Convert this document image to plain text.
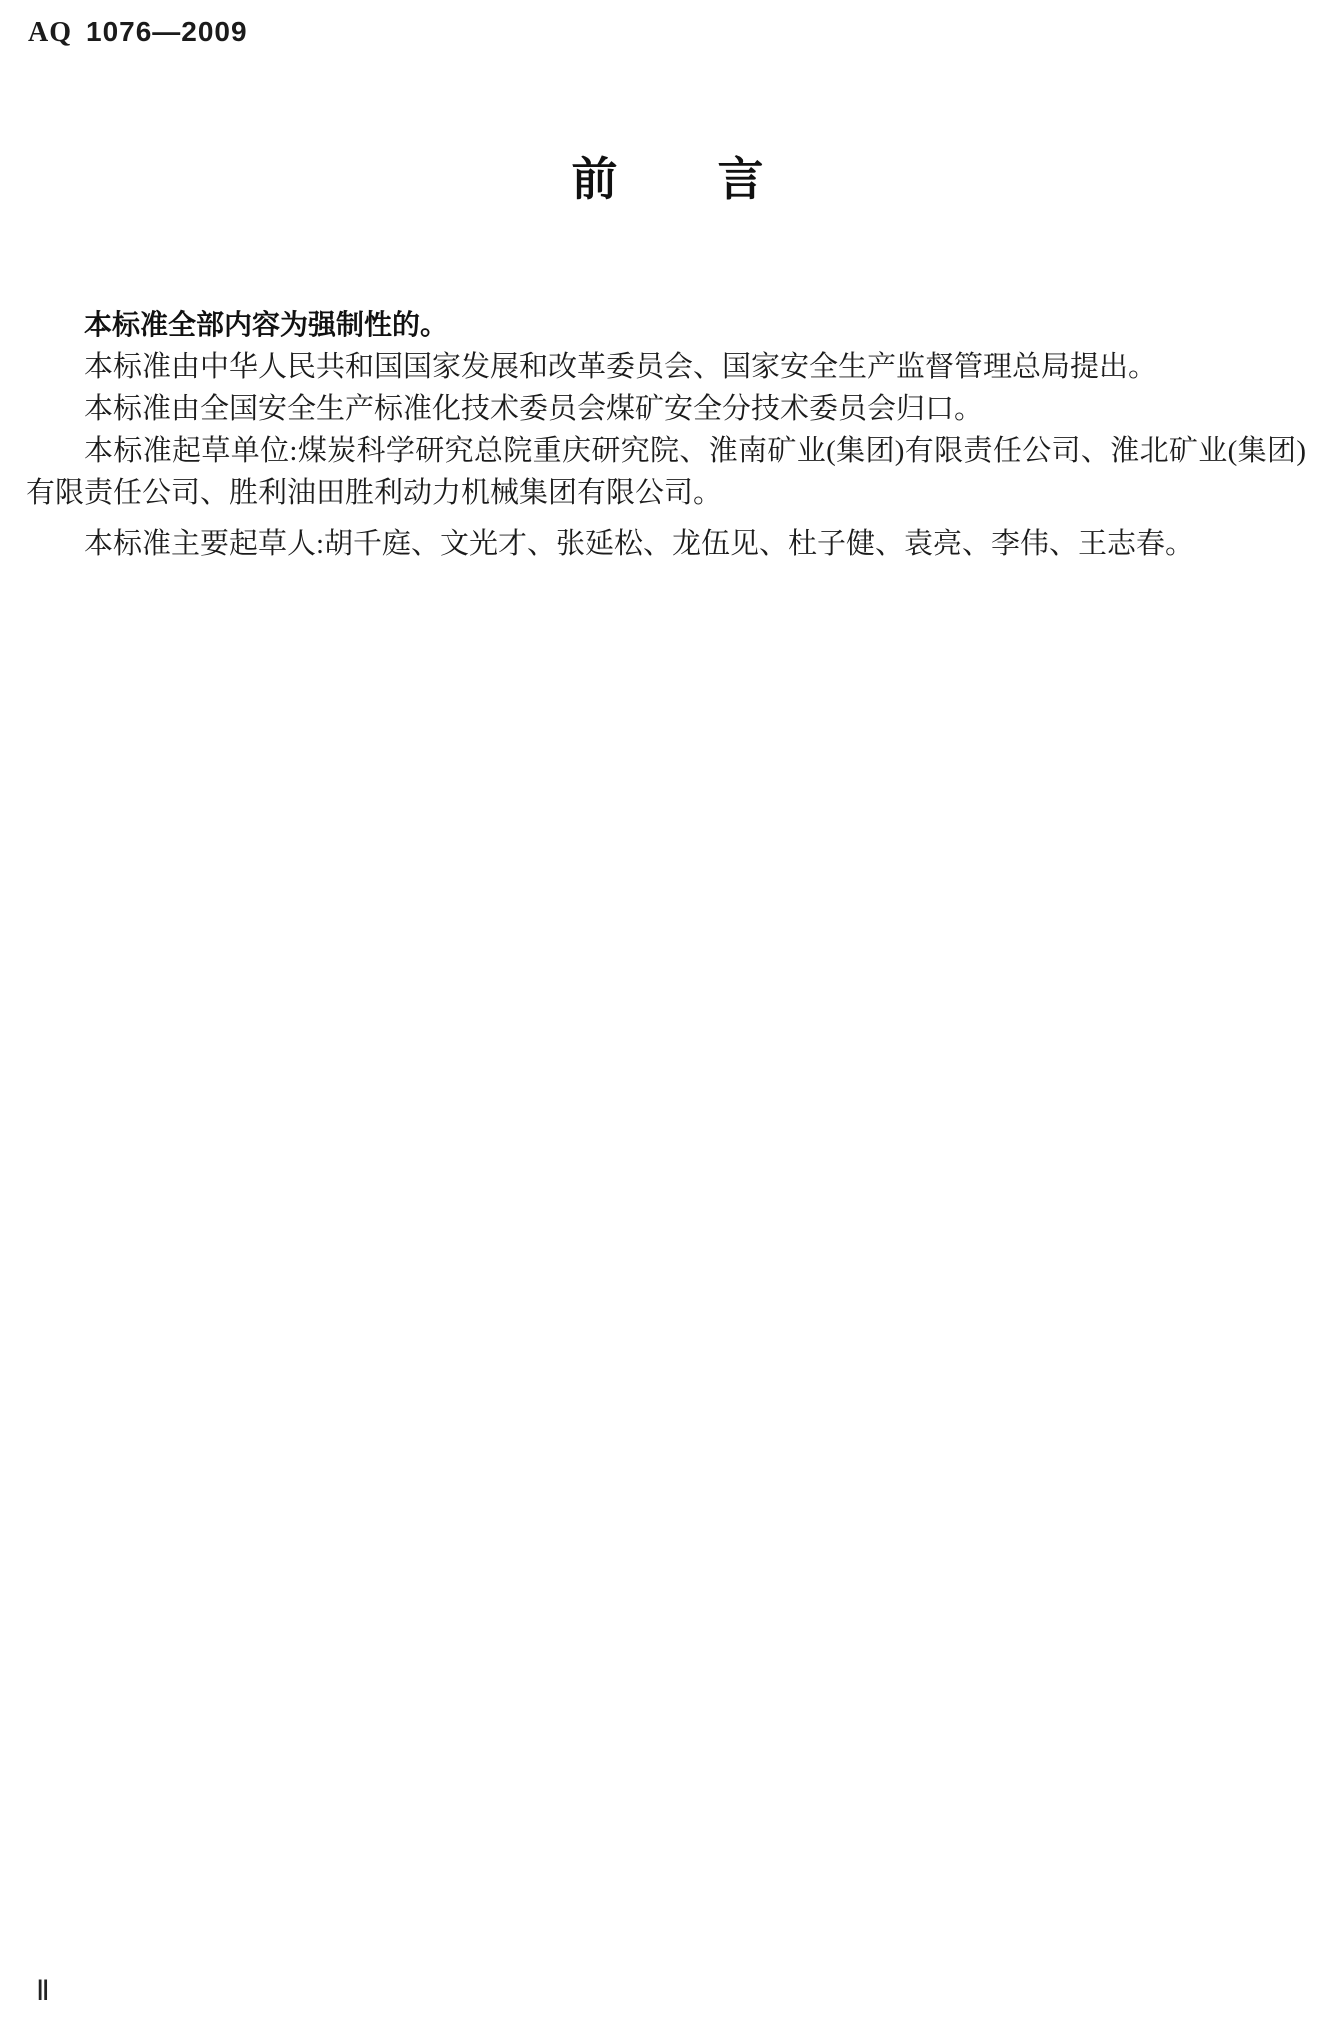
AQ 1076—2009
前 言

本标准全部内容为强制性的。

本标准由中华人民共和国国家发展和改革委员会、国家安全生产监督管理总局提出。

本标准由全国安全生产标准化技术委员会煤矿安全分技术委员会归口。

本标准起草单位:煤炭科学研究总院重庆研究院、淮南矿业(集团)有限责任公司、淮北矿业(集团)有限责任公司、胜利油田胜利动力机械集团有限公司。

本标准主要起草人:胡千庭、文光才、张延松、龙伍见、杜子健、袁亮、李伟、王志春。

Ⅱ
